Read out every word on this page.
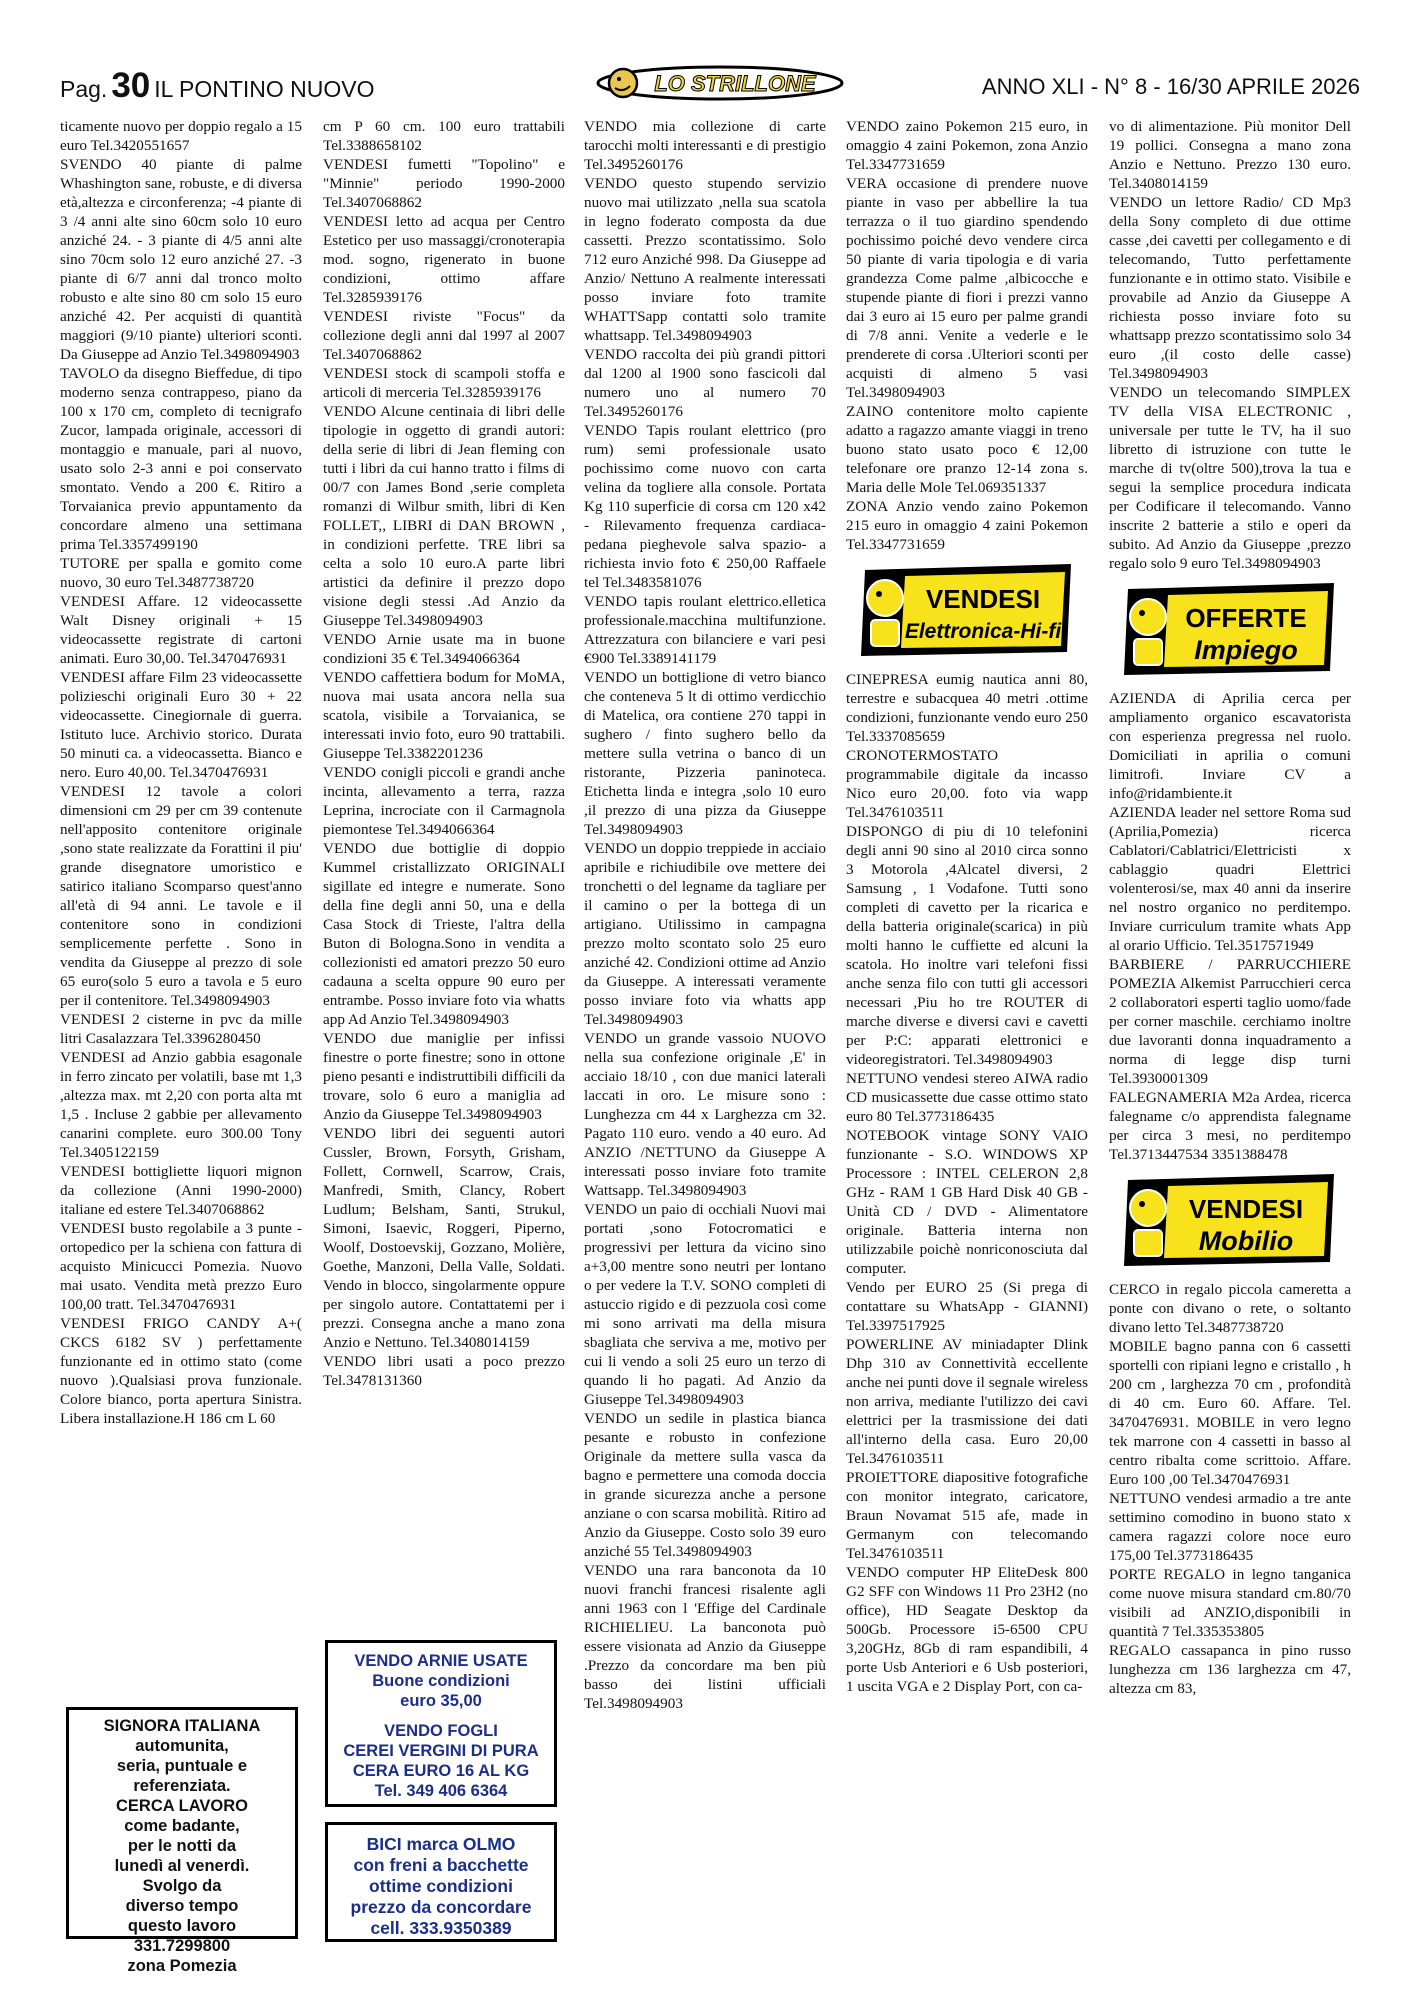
Pag. 30 IL PONTINO NUOVO	LO STRILLONE	ANNO XLI - N° 8 - 16/30 APRILE 2026

ticamente nuovo per doppio regalo a 15 euro Tel.3420551657

SVENDO 40 piante di palme Whashington sane, robuste, e di diversa età,altezza e circonferenza; -4 piante di 3 /4 anni alte sino 60cm solo 10 euro anziché 24. - 3 piante di 4/5 anni alte sino 70cm solo 12 euro anziché 27. -3 piante di 6/7 anni dal tronco molto robusto e alte sino 80 cm solo 15 euro anziché 42. Per acquisti di quantità maggiori (9/10 piante) ulteriori sconti. Da Giuseppe ad Anzio Tel.3498094903

TAVOLO da disegno Bieffedue, di tipo moderno senza contrappeso, piano da 100 x 170 cm, completo di tecnigrafo Zucor, lampada originale, accessori di montaggio e manuale, pari al nuovo, usato solo 2-3 anni e poi conservato smontato. Vendo a 200 €. Ritiro a Torvaianica previo appuntamento da concordare almeno una settimana prima Tel.3357499190

TUTORE per spalla e gomito come nuovo, 30 euro Tel.3487738720

VENDESI Affare. 12 videocassette Walt Disney originali + 15 videocassette registrate di cartoni animati. Euro 30,00. Tel.3470476931

VENDESI affare Film 23 videocassette polizieschi originali Euro 30 + 22 videocassette. Cinegiornale di guerra. Istituto luce. Archivio storico. Durata 50 minuti ca. a videocassetta. Bianco e nero. Euro 40,00. Tel.3470476931

VENDESI 12 tavole a colori dimensioni cm 29 per cm 39 contenute nell'apposito contenitore originale ,sono state realizzate da Forattini il piu' grande disegnatore umoristico e satirico italiano Scomparso quest'anno all'età di 94 anni. Le tavole e il contenitore sono in condizioni semplicemente perfette . Sono in vendita da Giuseppe al prezzo di sole 65 euro(solo 5 euro a tavola e 5 euro per il contenitore. Tel.3498094903

VENDESI 2 cisterne in pvc da mille litri Casalazzara Tel.3396280450

VENDESI ad Anzio gabbia esagonale in ferro zincato per volatili, base mt 1,3 ,altezza max. mt 2,20 con porta alta mt 1,5 . Incluse 2 gabbie per allevamento canarini complete. euro 300.00 Tony Tel.3405122159

VENDESI bottigliette liquori mignon da collezione (Anni 1990-2000) italiane ed estere Tel.3407068862

VENDESI busto regolabile a 3 punte - ortopedico per la schiena con fattura di acquisto Minicucci Pomezia. Nuovo mai usato. Vendita metà prezzo Euro 100,00 tratt. Tel.3470476931

VENDESI FRIGO CANDY A+( CKCS 6182 SV ) perfettamente funzionante ed in ottimo stato (come nuovo ).Qualsiasi prova funzionale. Colore bianco, porta apertura Sinistra. Libera installazione.H 186 cm L 60

cm P 60 cm. 100 euro trattabili Tel.3388658102

VENDESI fumetti "Topolino" e "Minnie" periodo 1990-2000 Tel.3407068862

VENDESI letto ad acqua per Centro Estetico per uso massaggi/cronoterapia mod. sogno, rigenerato in buone condizioni, ottimo affare Tel.3285939176

VENDESI riviste "Focus" da collezione degli anni dal 1997 al 2007 Tel.3407068862

VENDESI stock di scampoli stoffa e articoli di merceria Tel.3285939176

VENDO Alcune centinaia di libri delle tipologie in oggetto di grandi autori: della serie di libri di Jean fleming con tutti i libri da cui hanno tratto i films di 00/7 con James Bond ,serie completa romanzi di Wilbur smith, libri di Ken FOLLET,, LIBRI di DAN BROWN , in condizioni perfette. TRE libri sa celta a solo 10 euro.A parte libri artistici da definire il prezzo dopo visione degli stessi .Ad Anzio da Giuseppe Tel.3498094903

VENDO Arnie usate ma in buone condizioni 35 € Tel.3494066364

VENDO caffettiera bodum for MoMA, nuova mai usata ancora nella sua scatola, visibile a Torvaianica, se interessati invio foto, euro 90 trattabili. Giuseppe Tel.3382201236

VENDO conigli piccoli e grandi anche incinta, allevamento a terra, razza Leprina, incrociate con il Carmagnola piemontese Tel.3494066364

VENDO due bottiglie di doppio Kummel cristallizzato ORIGINALI sigillate ed integre e numerate. Sono della fine degli anni 50, una e della Casa Stock di Trieste, l'altra della Buton di Bologna.Sono in vendita a collezionisti ed amatori prezzo 50 euro cadauna a scelta oppure 90 euro per entrambe. Posso inviare foto via whatts app Ad Anzio Tel.3498094903

VENDO due maniglie per infissi finestre o porte finestre; sono in ottone pieno pesanti e indistruttibili difficili da trovare, solo 6 euro a maniglia ad Anzio da Giuseppe Tel.3498094903

VENDO libri dei seguenti autori Cussler, Brown, Forsyth, Grisham, Follett, Cornwell, Scarrow, Crais, Manfredi, Smith, Clancy, Robert Ludlum; Belsham, Santi, Strukul, Simoni, Isaevic, Roggeri, Piperno, Woolf, Dostoevskij, Gozzano, Molière, Goethe, Manzoni, Della Valle, Soldati. Vendo in blocco, singolarmente oppure per singolo autore. Contattatemi per i prezzi. Consegna anche a mano zona Anzio e Nettuno. Tel.3408014159

VENDO libri usati a poco prezzo Tel.3478131360

VENDO mia collezione di carte tarocchi molti interessanti e di prestigio Tel.3495260176

VENDO questo stupendo servizio nuovo mai utilizzato ,nella sua scatola in legno foderato composta da due cassetti. Prezzo scontatissimo. Solo 712 euro Anziché 998. Da Giuseppe ad Anzio/ Nettuno A realmente interessati posso inviare foto tramite WHATTSapp contatti solo tramite whattsapp. Tel.3498094903

VENDO raccolta dei più grandi pittori dal 1200 al 1900 sono fascicoli dal numero uno al numero 70 Tel.3495260176

VENDO Tapis roulant elettrico (pro rum) semi professionale usato pochissimo come nuovo con carta velina da togliere alla console. Portata Kg 110 superficie di corsa cm 120 x42 - Rilevamento frequenza cardiaca- pedana pieghevole salva spazio- a richiesta invio foto € 250,00 Raffaele tel Tel.3483581076

VENDO tapis roulant elettrico.elletica professionale.macchina multifunzione. Attrezzatura con bilanciere e vari pesi €900 Tel.3389141179

VENDO un bottiglione di vetro bianco che conteneva 5 lt di ottimo verdicchio di Matelica, ora contiene 270 tappi in sughero / finto sughero bello da mettere sulla vetrina o banco di un ristorante, Pizzeria paninoteca. Etichetta linda e integra ,solo 10 euro ,il prezzo di una pizza da Giuseppe Tel.3498094903

VENDO un doppio treppiede in acciaio apribile e richiudibile ove mettere dei tronchetti o del legname da tagliare per il camino o per la bottega di un artigiano. Utilissimo in campagna prezzo molto scontato solo 25 euro anziché 42. Condizioni ottime ad Anzio da Giuseppe. A interessati veramente posso inviare foto via whatts app Tel.3498094903

VENDO un grande vassoio NUOVO nella sua confezione originale ,E' in acciaio 18/10 , con due manici laterali laccati in oro. Le misure sono : Lunghezza cm 44 x Larghezza cm 32. Pagato 110 euro. vendo a 40 euro. Ad ANZIO /NETTUNO da Giuseppe A interessati posso inviare foto tramite Wattsapp. Tel.3498094903

VENDO un paio di occhiali Nuovi mai portati ,sono Fotocromatici e progressivi per lettura da vicino sino a+3,00 mentre sono neutri per lontano o per vedere la T.V. SONO completi di astuccio rigido e di pezzuola così come mi sono arrivati ma della misura sbagliata che serviva a me, motivo per cui li vendo a soli 25 euro un terzo di quando li ho pagati. Ad Anzio da Giuseppe Tel.3498094903

VENDO un sedile in plastica bianca pesante e robusto in confezione Originale da mettere sulla vasca da bagno e permettere una comoda doccia in grande sicurezza anche a persone anziane o con scarsa mobilità. Ritiro ad Anzio da Giuseppe. Costo solo 39 euro anziché 55 Tel.3498094903

VENDO una rara banconota da 10 nuovi franchi francesi risalente agli anni 1963 con l 'Effige del Cardinale RICHIELIEU. La banconota può essere visionata ad Anzio da Giuseppe .Prezzo da concordare ma ben più basso dei listini ufficiali Tel.3498094903

VENDO zaino Pokemon 215 euro, in omaggio 4 zaini Pokemon, zona Anzio Tel.3347731659

VERA occasione di prendere nuove piante in vaso per abbellire la tua terrazza o il tuo giardino spendendo pochissimo poiché devo vendere circa 50 piante di varia tipologia e di varia grandezza Come palme ,albicocche e stupende piante di fiori i prezzi vanno dai 3 euro ai 15 euro per palme grandi di 7/8 anni. Venite a vederle e le prenderete di corsa .Ulteriori sconti per acquisti di almeno 5 vasi Tel.3498094903

ZAINO contenitore molto capiente adatto a ragazzo amante viaggi in treno buono stato usato poco € 12,00 telefonare ore pranzo 12-14 zona s. Maria delle Mole Tel.069351337

ZONA Anzio vendo zaino Pokemon 215 euro in omaggio 4 zaini Pokemon Tel.3347731659

VENDESI
Elettronica-Hi-fi

CINEPRESA eumig nautica anni 80, terrestre e subacquea 40 metri .ottime condizioni, funzionante vendo euro 250 Tel.3337085659

CRONOTERMOSTATO programmabile digitale da incasso Nico euro 20,00. foto via wapp Tel.3476103511

DISPONGO di piu di 10 telefonini degli anni 90 sino al 2010 circa sonno 3 Motorola ,4Alcatel diversi, 2 Samsung , 1 Vodafone. Tutti sono completi di cavetto per la ricarica e della batteria originale(scarica) in più molti hanno le cuffiette ed alcuni la scatola. Ho inoltre vari telefoni fissi anche senza filo con tutti gli accessori necessari ,Piu ho tre ROUTER di marche diverse e diversi cavi e cavetti per P:C: apparati elettronici e videoregistratori. Tel.3498094903

NETTUNO vendesi stereo AIWA radio CD musicassette due casse ottimo stato euro 80 Tel.3773186435

NOTEBOOK vintage SONY VAIO funzionante - S.O. WINDOWS XP Processore : INTEL CELERON 2,8 GHz - RAM 1 GB Hard Disk 40 GB - Unità CD / DVD - Alimentatore originale. Batteria interna non utilizzabile poichè nonriconosciuta dal computer.

Vendo per EURO 25 (Si prega di contattare su WhatsApp - GIANNI) Tel.3397517925

POWERLINE AV miniadapter Dlink Dhp 310 av Connettività eccellente anche nei punti dove il segnale wireless non arriva, mediante l'utilizzo dei cavi elettrici per la trasmissione dei dati all'interno della casa. Euro 20,00 Tel.3476103511

PROIETTORE diapositive fotografiche con monitor integrato, caricatore, Braun Novamat 515 afe, made in Germanym con telecomando Tel.3476103511

VENDO computer HP EliteDesk 800 G2 SFF con Windows 11 Pro 23H2 (no office), HD Seagate Desktop da 500Gb. Processore i5-6500 CPU 3,20GHz, 8Gb di ram espandibili, 4 porte Usb Anteriori e 6 Usb posteriori, 1 uscita VGA e 2 Display Port, con ca-

vo di alimentazione. Più monitor Dell 19 pollici. Consegna a mano zona Anzio e Nettuno. Prezzo 130 euro. Tel.3408014159

VENDO un lettore Radio/ CD Mp3 della Sony completo di due ottime casse ,dei cavetti per collegamento e di telecomando, Tutto perfettamente funzionante e in ottimo stato. Visibile e provabile ad Anzio da Giuseppe A richiesta posso inviare foto su whattsapp prezzo scontatissimo solo 34 euro ,(il costo delle casse) Tel.3498094903

VENDO un telecomando SIMPLEX TV della VISA ELECTRONIC , universale per tutte le TV, ha il suo libretto di istruzione con tutte le marche di tv(oltre 500),trova la tua e segui la semplice procedura indicata per Codificare il telecomando. Vanno inscrite 2 batterie a stilo e operi da subito. Ad Anzio da Giuseppe ,prezzo regalo solo 9 euro Tel.3498094903

OFFERTE
Impiego

AZIENDA di Aprilia cerca per ampliamento organico escavatorista con esperienza pregressa nel ruolo. Domiciliati in aprilia o comuni limitrofi. Inviare CV a info@ridambiente.it

AZIENDA leader nel settore Roma sud (Aprilia,Pomezia) ricerca Cablatori/Cablatrici/Elettricisti x cablaggio quadri Elettrici volenterosi/se, max 40 anni da inserire nel nostro organico no perditempo. Inviare curriculum tramite whats App al orario Ufficio. Tel.3517571949

BARBIERE / PARRUCCHIERE POMEZIA Alkemist Parrucchieri cerca 2 collaboratori esperti taglio uomo/fade per corner maschile. cerchiamo inoltre due lavoranti donna inquadramento a norma di legge disp turni Tel.3930001309

FALEGNAMERIA M2a Ardea, ricerca falegname c/o apprendista falegname per circa 3 mesi, no perditempo Tel.3713447534 3351388478

VENDESI
Mobilio

CERCO in regalo piccola cameretta a ponte con divano o rete, o soltanto divano letto Tel.3487738720

MOBILE bagno panna con 6 cassetti sportelli con ripiani legno e cristallo , h 200 cm , larghezza 70 cm , profondità di 40 cm. Euro 60. Affare. Tel. 3470476931. MOBILE in vero legno tek marrone con 4 cassetti in basso al centro ribalta come scrittoio. Affare. Euro 100 ,00 Tel.3470476931

NETTUNO vendesi armadio a tre ante settimino comodino in buono stato x camera ragazzi colore noce euro 175,00 Tel.3773186435

PORTE REGALO in legno tanganica come nuove misura standard cm.80/70 visibili ad ANZIO,disponibili in quantità 7 Tel.335353805

REGALO cassapanca in pino russo lunghezza cm 136 larghezza cm 47, altezza cm 83,

SIGNORA ITALIANA
automunita,
seria, puntuale e
referenziata.
CERCA LAVORO
come badante,
per le notti da
lunedì al venerdì.
Svolgo da
diverso tempo
questo lavoro
331.7299800
zona Pomezia
VENDO ARNIE USATE
Buone condizioni
euro 35,00
VENDO FOGLI
CEREI VERGINI DI PURA
CERA EURO 16 AL KG
Tel. 349 406 6364
BICI marca OLMO
con freni a bacchette
ottime condizioni
prezzo da concordare
cell. 333.9350389
